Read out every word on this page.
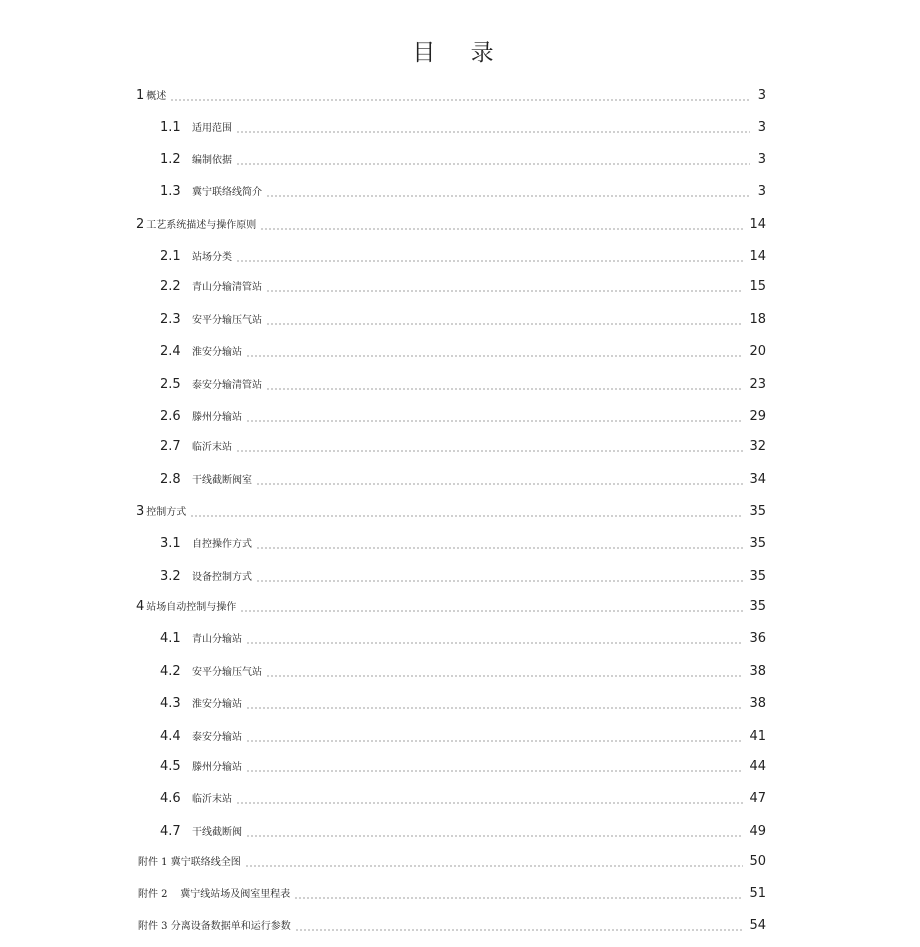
目 录
1 概述	3
1.1	适用范围	3
1.2	编制依据	3
1.3	冀宁联络线简介	3
2 工艺系统描述与操作原则	14
2.1	站场分类	14
2.2	青山分输清管站	15
2.3	安平分输压气站	18
2.4	淮安分输站	20
2.5	泰安分输清管站	23
2.6	滕州分输站	29
2.7	临沂末站	32
2.8	干线截断阀室	34
3 控制方式	35
3.1	自控操作方式	35
3.2	设备控制方式	35
4 站场自动控制与操作	35
4.1	青山分输站	36
4.2	安平分输压气站	38
4.3	淮安分输站	38
4.4	泰安分输站	41
4.5	滕州分输站	44
4.6	临沂末站	47
4.7	干线截断阀	49
附件 1 冀宁联络线全图	50
附件 2    冀宁线站场及阀室里程表	51
附件 3 分离设备数据单和运行参数	54
